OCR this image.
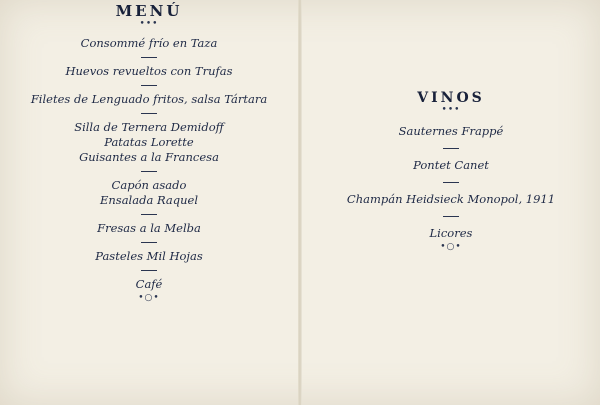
MENÚ
•••
Consommé frío en Taza
Huevos revueltos con Trufas
Filetes de Lenguado fritos, salsa Tártara
Silla de Ternera Demidoff
Patatas Lorette
Guisantes a la Francesa
Capón asado
Ensalada Raquel
Fresas a la Melba
Pasteles Mil Hojas
Café
•○•
VINOS
•••
Sauternes Frappé
Pontet Canet
Champán Heidsieck Monopol, 1911
Licores
•○•
